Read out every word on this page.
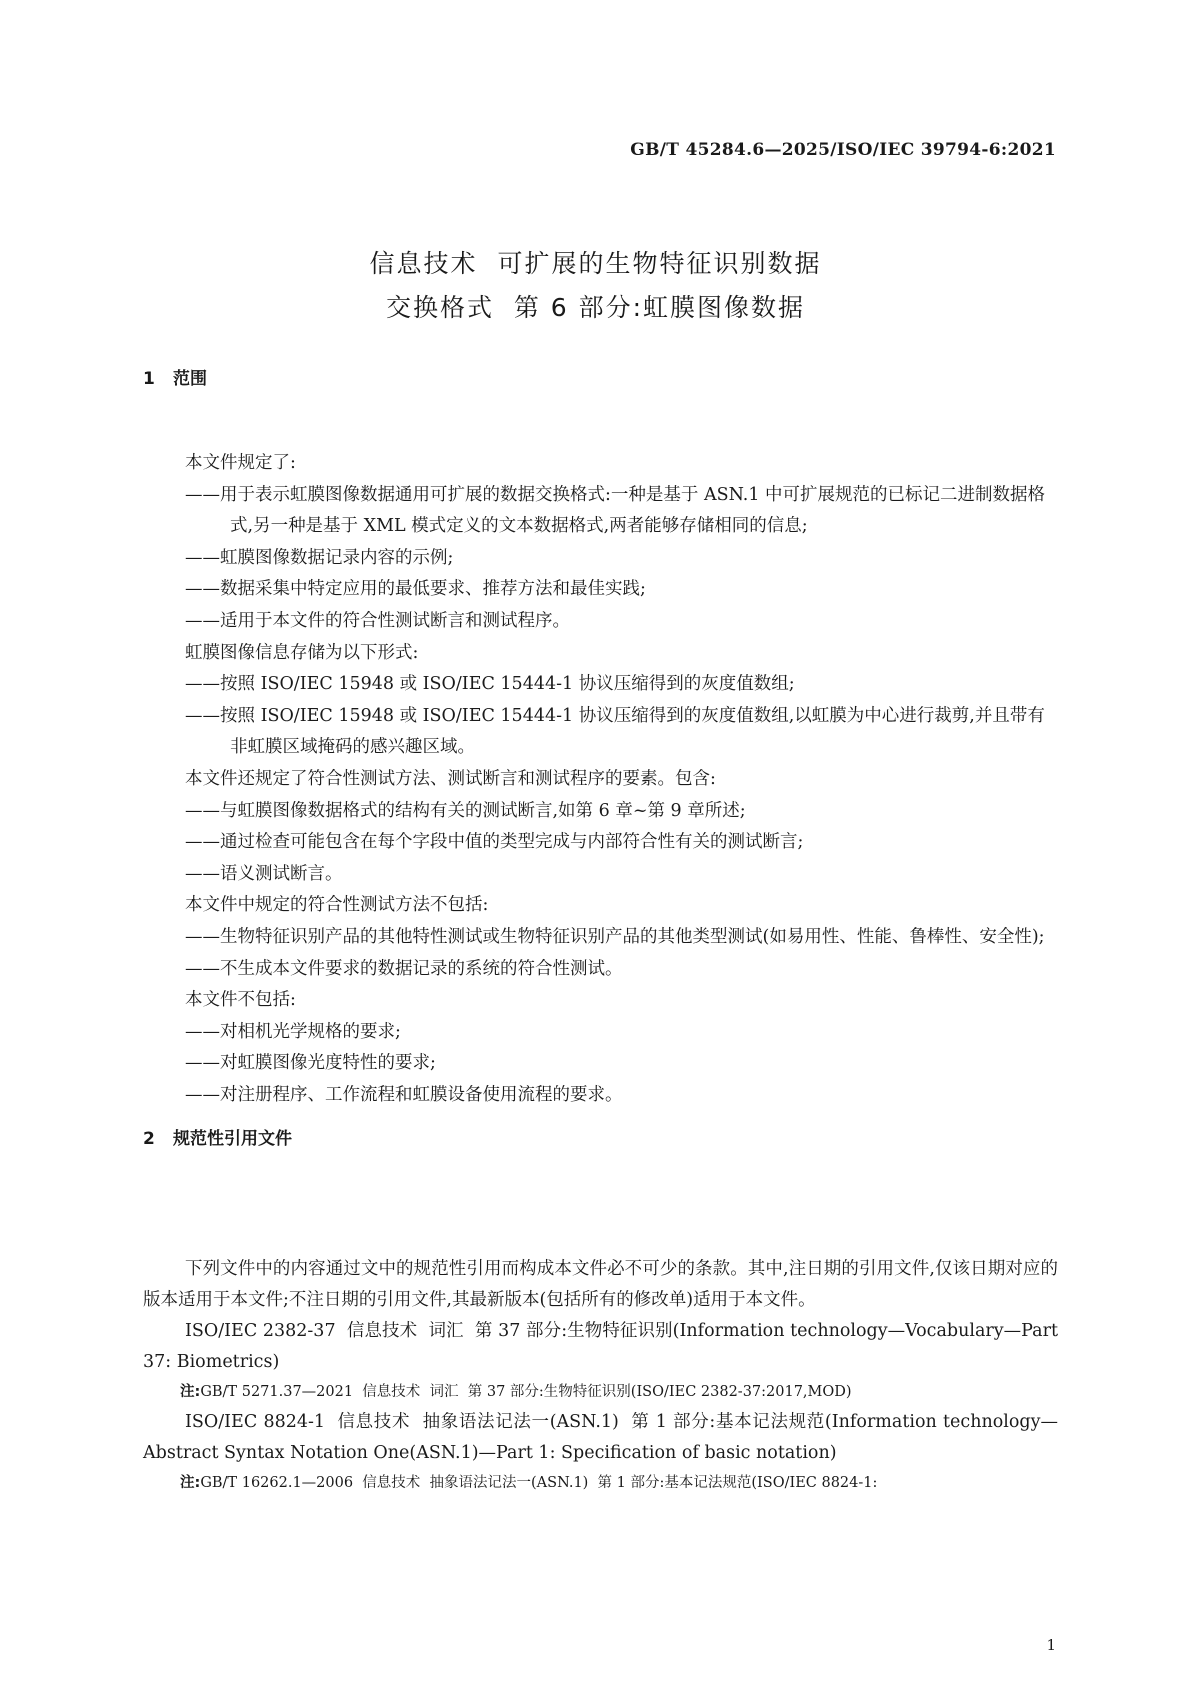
GB/T 45284.6—2025/ISO/IEC 39794-6:2021
信息技术  可扩展的生物特征识别数据
交换格式  第 6 部分:虹膜图像数据
1 范围
本文件规定了:
——用于表示虹膜图像数据通用可扩展的数据交换格式:一种是基于 ASN.1 中可扩展规范的已标记二进制数据格式,另一种是基于 XML 模式定义的文本数据格式,两者能够存储相同的信息;
——虹膜图像数据记录内容的示例;
——数据采集中特定应用的最低要求、推荐方法和最佳实践;
——适用于本文件的符合性测试断言和测试程序。
虹膜图像信息存储为以下形式:
——按照 ISO/IEC 15948 或 ISO/IEC 15444-1 协议压缩得到的灰度值数组;
——按照 ISO/IEC 15948 或 ISO/IEC 15444-1 协议压缩得到的灰度值数组,以虹膜为中心进行裁剪,并且带有非虹膜区域掩码的感兴趣区域。
本文件还规定了符合性测试方法、测试断言和测试程序的要素。包含:
——与虹膜图像数据格式的结构有关的测试断言,如第 6 章~第 9 章所述;
——通过检查可能包含在每个字段中值的类型完成与内部符合性有关的测试断言;
——语义测试断言。
本文件中规定的符合性测试方法不包括:
——生物特征识别产品的其他特性测试或生物特征识别产品的其他类型测试(如易用性、性能、鲁棒性、安全性);
——不生成本文件要求的数据记录的系统的符合性测试。
本文件不包括:
——对相机光学规格的要求;
——对虹膜图像光度特性的要求;
——对注册程序、工作流程和虹膜设备使用流程的要求。
2 规范性引用文件
下列文件中的内容通过文中的规范性引用而构成本文件必不可少的条款。其中,注日期的引用文件,仅该日期对应的版本适用于本文件;不注日期的引用文件,其最新版本(包括所有的修改单)适用于本文件。
ISO/IEC 2382-37  信息技术  词汇  第 37 部分:生物特征识别(Information technology—Vocabulary—Part 37: Biometrics)
注:GB/T 5271.37—2021  信息技术  词汇  第 37 部分:生物特征识别(ISO/IEC 2382-37:2017,MOD)
ISO/IEC 8824-1  信息技术  抽象语法记法一(ASN.1)  第 1 部分:基本记法规范(Information technology—Abstract Syntax Notation One(ASN.1)—Part 1: Specification of basic notation)
注:GB/T 16262.1—2006  信息技术  抽象语法记法一(ASN.1)  第 1 部分:基本记法规范(ISO/IEC 8824-1:
1
